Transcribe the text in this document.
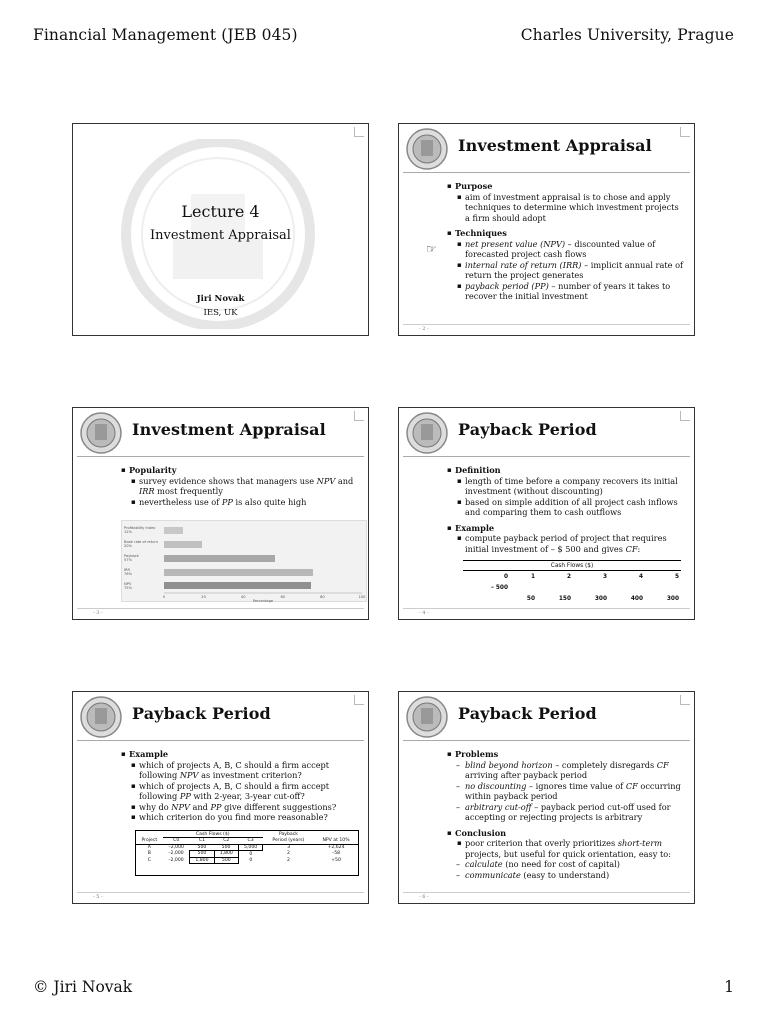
Financial Management (JEB 045)	Charles University, Prague
Lecture 4
Investment Appraisal
Jiri Novak
IES, UK
Investment Appraisal
☞
▪ Purpose
▪ aim of investment appraisal is to chose and apply techniques to determine which investment projects a firm should adopt
▪ Techniques
▪ net present value (NPV) – discounted value of forecasted project cash flows
▪ internal rate of return (IRR) – implicit annual rate of return the project generates
▪ payback period (PP) – number of years it takes to recover the initial investment
- 2 -
Investment Appraisal
▪ Popularity
▪ survey evidence shows that managers use NPV and IRR most frequently
▪ nevertheless use of PP is also quite high
Profitability index
12%
Book rate of return
20%
Payback
57%
IRR
76%
NPV
75%
0	20	40	60	80	100
Percentage
- 3 -
Payback Period
▪ Definition
▪ length of time before a company recovers its initial investment (without discounting)
▪ based on simple addition of all project cash inflows and comparing them to cash outflows
▪ Example
▪ compute payback period of project that requires initial investment of – $ 500 and gives CF:
Cash Flows ($)
0	1	2	3	4	5
– 500					
	50	150	300	400	300
- 4 -
Payback Period
▪ Example
▪ which of projects A, B, C should a firm accept following NPV as investment criterion?
▪ which of projects A, B, C should a firm accept following PP with 2-year, 3-year cut-off?
▪ why do NPV and PP give different suggestions?
▪ which criterion do you find more reasonable?
	Cash Flows ($)				Payback	
Project	C0	C1	C2	C3	Period (years)	NPV at 10%
A	–2,000	500	500	5,000	3	+2,624
B	–2,000	500	1,800	0	2	–58
C	–2,000	1,800	500	0	2	+50
- 5 -
Payback Period
▪ Problems
– blind beyond horizon – completely disregards CF arriving after payback period
– no discounting – ignores time value of CF occurring within payback period
– arbitrary cut-off – payback period cut-off used for accepting or rejecting projects is arbitrary
▪ Conclusion
▪ poor criterion that overly prioritizes short-term projects, but useful for quick orientation, easy to:
– calculate (no need for cost of capital)
– communicate (easy to understand)
- 6 -
© Jiri Novak	1
